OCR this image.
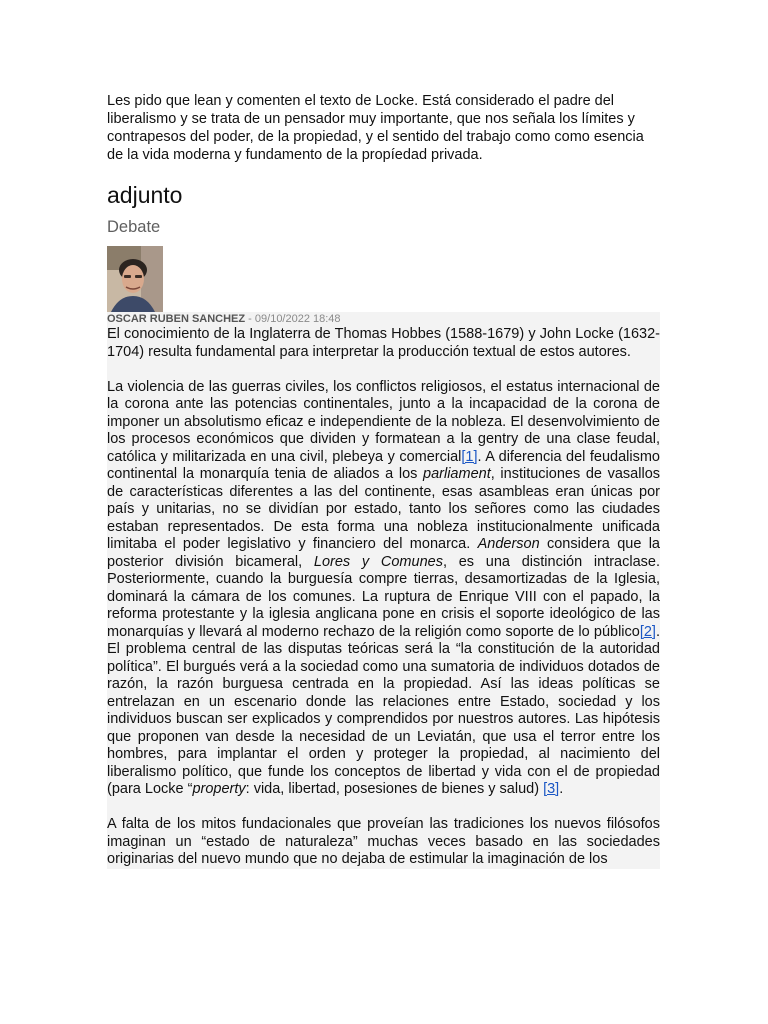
Les pido que lean y comenten el texto de Locke. Está considerado el padre del liberalismo y se trata de un pensador muy importante, que nos señala los límites y contrapesos del poder, de la propiedad, y el sentido del trabajo como como esencia de la vida moderna y fundamento de la propíedad privada.

adjunto
Debate

OSCAR RUBEN SANCHEZ - 09/10/2022 18:48

El conocimiento de la Inglaterra de Thomas Hobbes (1588-1679) y John Locke (1632-1704) resulta fundamental para interpretar la producción textual de estos autores.

La violencia de las guerras civiles, los conflictos religiosos, el estatus internacional de la corona ante las potencias continentales, junto a la incapacidad de la corona de imponer un absolutismo eficaz e independiente de la nobleza. El desenvolvimiento de los procesos económicos que dividen y formatean a la gentry de una clase feudal, católica y militarizada en una civil, plebeya y comercial[1]. A diferencia del feudalismo continental la monarquía tenia de aliados a los parliament, instituciones de vasallos de características diferentes a las del continente, esas asambleas eran únicas por país y unitarias, no se dividían por estado, tanto los señores como las ciudades estaban representados. De esta forma una nobleza institucionalmente unificada limitaba el poder legislativo y financiero del monarca. Anderson considera que la posterior división bicameral, Lores y Comunes, es una distinción intraclase. Posteriormente, cuando la burguesía compre tierras, desamortizadas de la Iglesia, dominará la cámara de los comunes. La ruptura de Enrique VIII con el papado, la reforma protestante y la iglesia anglicana pone en crisis el soporte ideológico de las monarquías y llevará al moderno rechazo de la religión como soporte de lo público[2]. El problema central de las disputas teóricas será la “la constitución de la autoridad política”. El burgués verá a la sociedad como una sumatoria de individuos dotados de razón, la razón burguesa centrada en la propiedad. Así las ideas políticas se entrelazan en un escenario donde las relaciones entre Estado, sociedad y los individuos buscan ser explicados y comprendidos por nuestros autores. Las hipótesis que proponen van desde la necesidad de un Leviatán, que usa el terror entre los hombres, para implantar el orden y proteger la propiedad, al nacimiento del liberalismo político, que funde los conceptos de libertad y vida con el de propiedad (para Locke “property: vida, libertad, posesiones de bienes y salud) [3].

A falta de los mitos fundacionales que proveían las tradiciones los nuevos filósofos imaginan un “estado de naturaleza” muchas veces basado en las sociedades originarias del nuevo mundo que no dejaba de estimular la imaginación de los
